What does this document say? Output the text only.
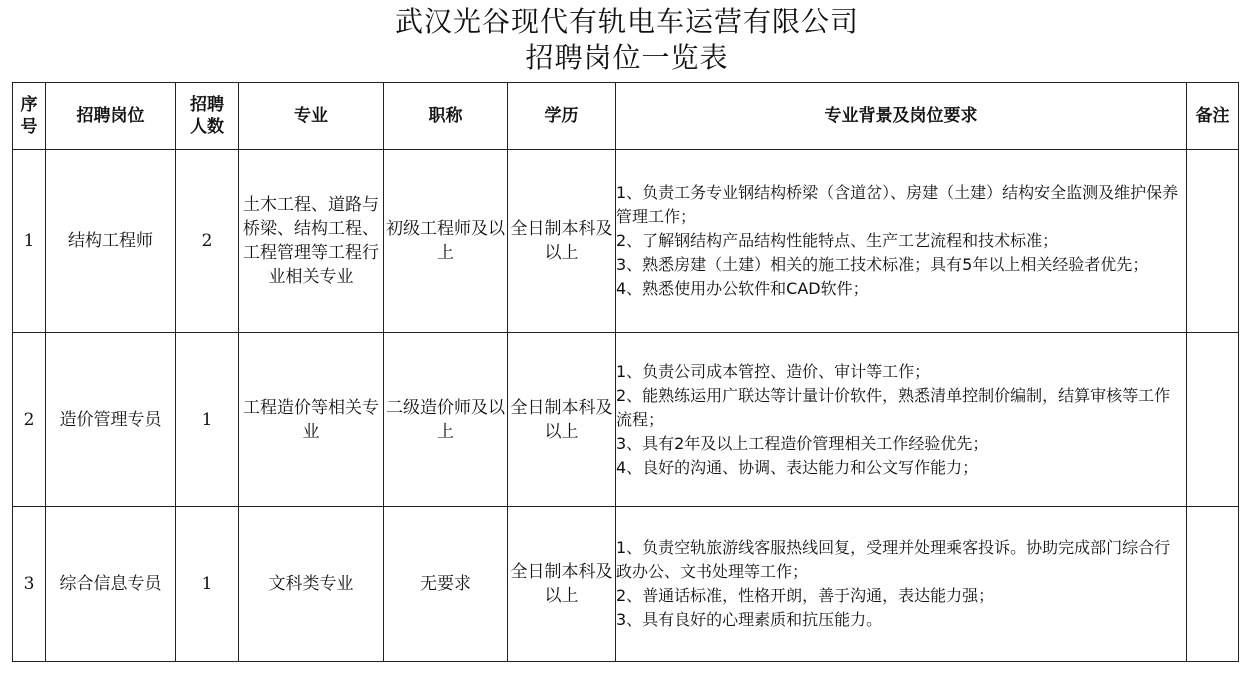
武汉光谷现代有轨电车运营有限公司
招聘岗位一览表
序号	招聘岗位	招聘人数	专业	职称	学历	专业背景及岗位要求	备注
1	结构工程师	2	土木工程、道路与桥梁、结构工程、工程管理等工程行业相关专业	初级工程师及以上	全日制本科及以上	1、负责工务专业钢结构桥梁（含道岔）、房建（土建）结构安全监测及维护保养管理工作；
2、了解钢结构产品结构性能特点、生产工艺流程和技术标准；
3、熟悉房建（土建）相关的施工技术标准；具有5年以上相关经验者优先；
4、熟悉使用办公软件和CAD软件；	

2	造价管理专员	1	工程造价等相关专业	二级造价师及以上	全日制本科及以上	1、负责公司成本管控、造价、审计等工作；
2、能熟练运用广联达等计量计价软件，熟悉清单控制价编制，结算审核等工作流程；
3、具有2年及以上工程造价管理相关工作经验优先；
4、良好的沟通、协调、表达能力和公文写作能力；	

3	综合信息专员	1	文科类专业	无要求	全日制本科及以上	1、负责空轨旅游线客服热线回复，受理并处理乘客投诉。协助完成部门综合行政办公、文书处理等工作；
2、普通话标准，性格开朗，善于沟通，表达能力强；
3、具有良好的心理素质和抗压能力。	
